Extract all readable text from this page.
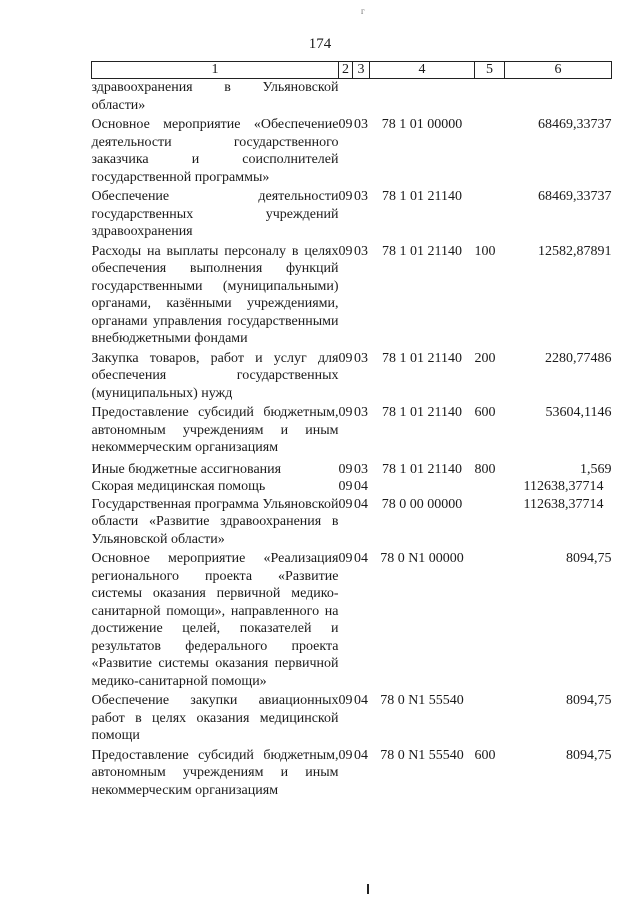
г
174
1	2	3	4	5	6
здравоохранения в Ульяновской области»					
Основное мероприятие «Обеспечение деятельности государственного заказчика и соисполнителей государственной программы»	09	03	78 1 01 00000		68469,33737
Обеспечение деятельности государственных учреждений здравоохранения	09	03	78 1 01 21140		68469,33737
Расходы на выплаты персоналу в целях обеспечения выполнения функций государственными (муниципальными) органами, казёнными учреждениями, органами управления государственными внебюджетными фондами	09	03	78 1 01 21140	100	12582,87891
Закупка товаров, работ и услуг для обеспечения государственных (муниципальных) нужд	09	03	78 1 01 21140	200	2280,77486
Предоставление субсидий бюджетным, автономным учреждениям и иным некоммерческим организациям	09	03	78 1 01 21140	600	53604,1146
Иные бюджетные ассигнования	09	03	78 1 01 21140	800	1,569
Скорая медицинская помощь	09	04			112638,37714
Государственная программа Ульяновской области «Развитие здравоохранения в Ульяновской области»	09	04	78 0 00 00000		112638,37714
Основное мероприятие «Реализация регионального проекта «Развитие системы оказания первичной медико-санитарной помощи», направленного на достижение целей, показателей и результатов федерального проекта «Развитие системы оказания первичной медико-санитарной помощи»	09	04	78 0 N1 00000		8094,75
Обеспечение закупки авиационных работ в целях оказания медицинской помощи	09	04	78 0 N1 55540		8094,75
Предоставление субсидий бюджетным, автономным учреждениям и иным некоммерческим организациям	09	04	78 0 N1 55540	600	8094,75
